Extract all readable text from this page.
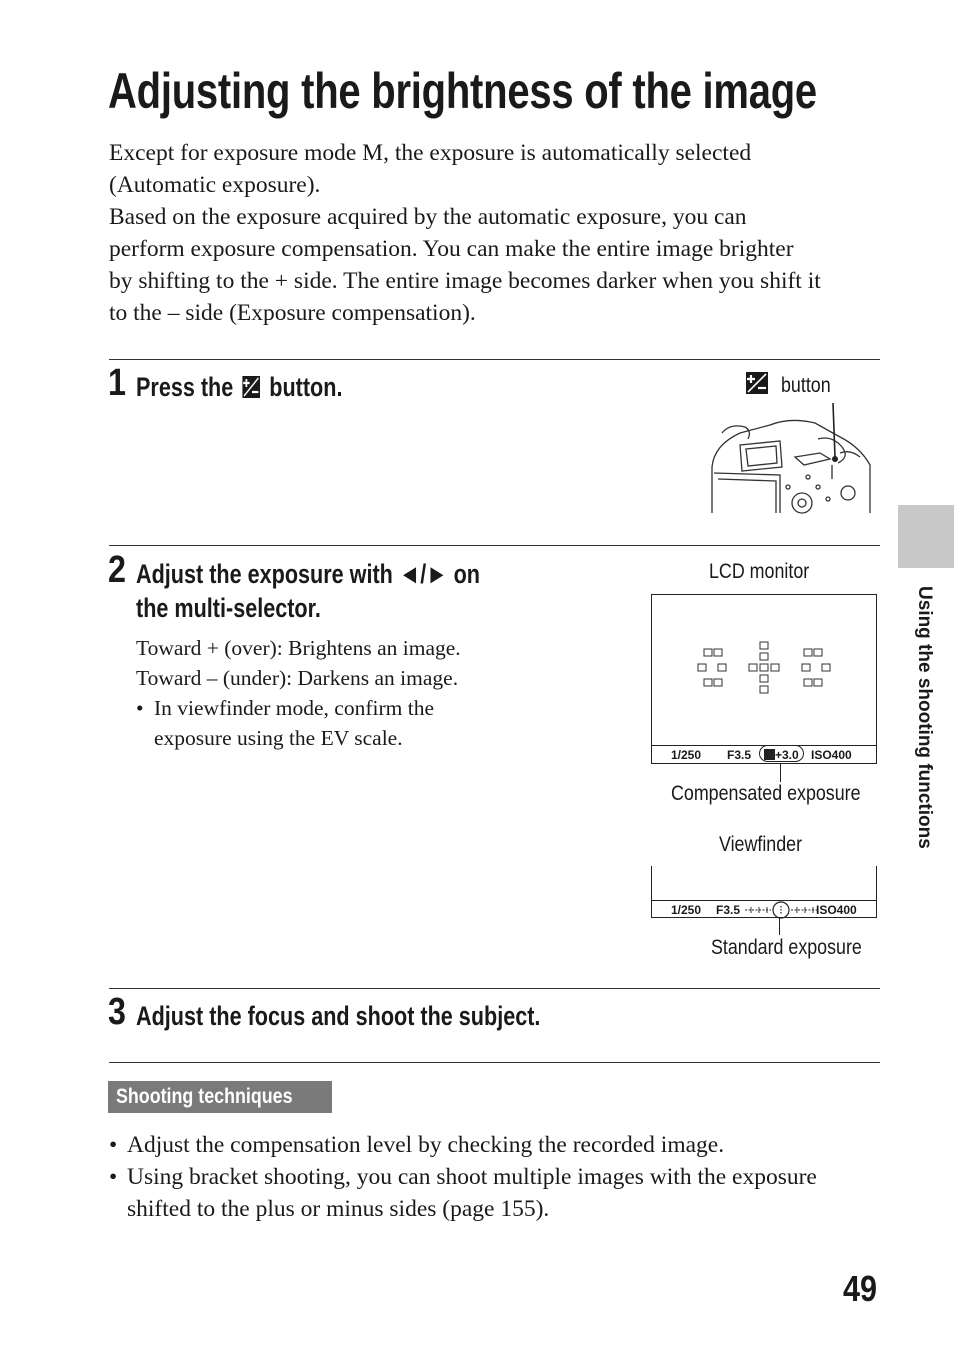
Adjusting the brightness of the image
Except for exposure mode M, the exposure is automatically selected
(Automatic exposure).
Based on the exposure acquired by the automatic exposure, you can
perform exposure compensation. You can make the entire image brighter
by shifting to the + side. The entire image becomes darker when you shift it
to the – side (Exposure compensation).
1 Press the button.	button
2 Adjust the exposure with ◄/► on
the multi-selector.
Toward + (over): Brightens an image.
Toward – (under): Darkens an image.
• In viewfinder mode, confirm the
exposure using the EV scale.
LCD monitor
1/250 F3.5 +3.0 ISO400
Compensated exposure
Viewfinder
1/250 F3.5	ISO400
Standard exposure
3 Adjust the focus and shoot the subject.
Shooting techniques
• Adjust the compensation level by checking the recorded image.
• Using bracket shooting, you can shoot multiple images with the exposure
shifted to the plus or minus sides (page 155).
Using the shooting functions
49
